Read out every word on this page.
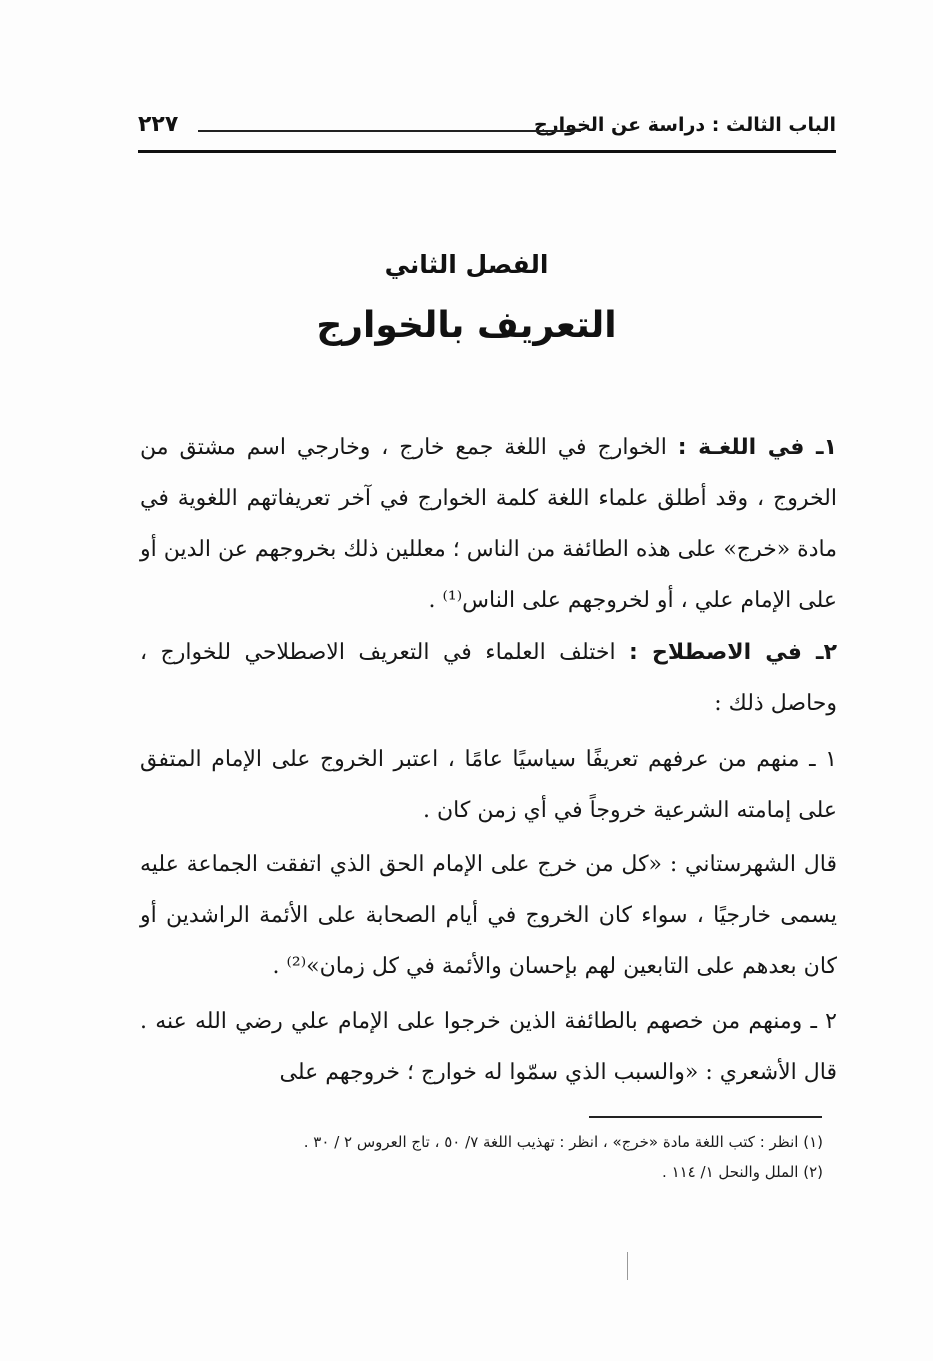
الباب الثالث : دراسة عن الخوارج
٢٢٧
الفصل الثاني
التعريف بالخوارج
١ـ في اللغـة : الخوارج في اللغة جمع خارج ، وخارجي اسم مشتق من الخروج ، وقد أطلق علماء اللغة كلمة الخوارج في آخر تعريفاتهم اللغوية في مادة «خرج» على هذه الطائفة من الناس ؛ معللين ذلك بخروجهم عن الدين أو على الإمام علي ، أو لخروجهم على الناس⁽¹⁾ .
٢ـ في الاصطلاح : اختلف العلماء في التعريف الاصطلاحي للخوارج ، وحاصل ذلك :
١ ـ منهم من عرفهم تعريفًا سياسيًا عامًا ، اعتبر الخروج على الإمام المتفق على إمامته الشرعية خروجاً في أي زمن كان .
قال الشهرستاني : «كل من خرج على الإمام الحق الذي اتفقت الجماعة عليه يسمى خارجيًا ، سواء كان الخروج في أيام الصحابة على الأئمة الراشدين أو كان بعدهم على التابعين لهم بإحسان والأئمة في كل زمان»⁽²⁾ .
٢ ـ ومنهم من خصهم بالطائفة الذين خرجوا على الإمام علي رضي الله عنه . قال الأشعري : «والسبب الذي سمّوا له خوارج ؛ خروجهم على
(١) انظر : كتب اللغة مادة «خرج» ، انظر : تهذيب اللغة ٧/ ٥٠ ، تاج العروس ٢ / ٣٠ .
(٢) الملل والنحل ١/ ١١٤ .
